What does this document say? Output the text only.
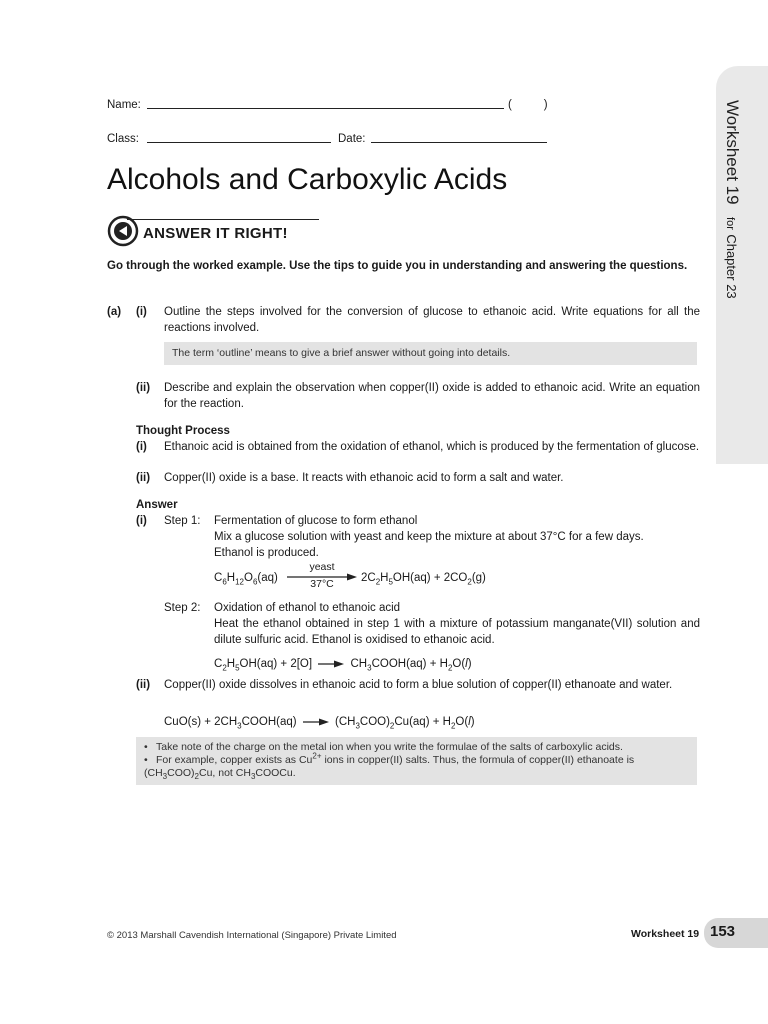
Worksheet 19 for Chapter 23
Name:	(          )
Class:	Date:
Alcohols and Carboxylic Acids
ANSWER IT RIGHT!
Go through the worked example. Use the tips to guide you in understanding and answering the questions.
(a) (i) Outline the steps involved for the conversion of glucose to ethanoic acid. Write equations for all the reactions involved.
The term ‘outline’ means to give a brief answer without going into details.
(ii) Describe and explain the observation when copper(II) oxide is added to ethanoic acid. Write an equation for the reaction.
Thought Process
(i) Ethanoic acid is obtained from the oxidation of ethanol, which is produced by the fermentation of glucose.
(ii) Copper(II) oxide is a base. It reacts with ethanoic acid to form a salt and water.
Answer
(i) Step 1: Fermentation of glucose to form ethanol
Mix a glucose solution with yeast and keep the mixture at about 37°C for a few days.
Ethanol is produced.
$C_6H_{12}O_6(aq)$
yeast
37°C	$2C_2H_5OH(aq) + 2CO_2(g)$
Step 2: Oxidation of ethanol to ethanoic acid
Heat the ethanol obtained in step 1 with a mixture of potassium manganate(VII) solution and dilute sulfuric acid. Ethanol is oxidised to ethanoic acid.
$C_2H_5OH(aq) + 2[O]$ → $CH_3COOH(aq) + H_2O(l)$
(ii) Copper(II) oxide dissolves in ethanoic acid to form a blue solution of copper(II) ethanoate and water.
$CuO(s) + 2CH_3COOH(aq) \to (CH_3COO)_2Cu(aq) + H_2O(l)$
• Take note of the charge on the metal ion when you write the formulae of the salts of carboxylic acids.
• For example, copper exists as $Cu^{2+}$ ions in copper(II) salts. Thus, the formula of copper(II) ethanoate is $(CH_3COO)_2Cu$, not $CH_3COOCu$.
© 2013 Marshall Cavendish International (Singapore) Private Limited	Worksheet 19 153
